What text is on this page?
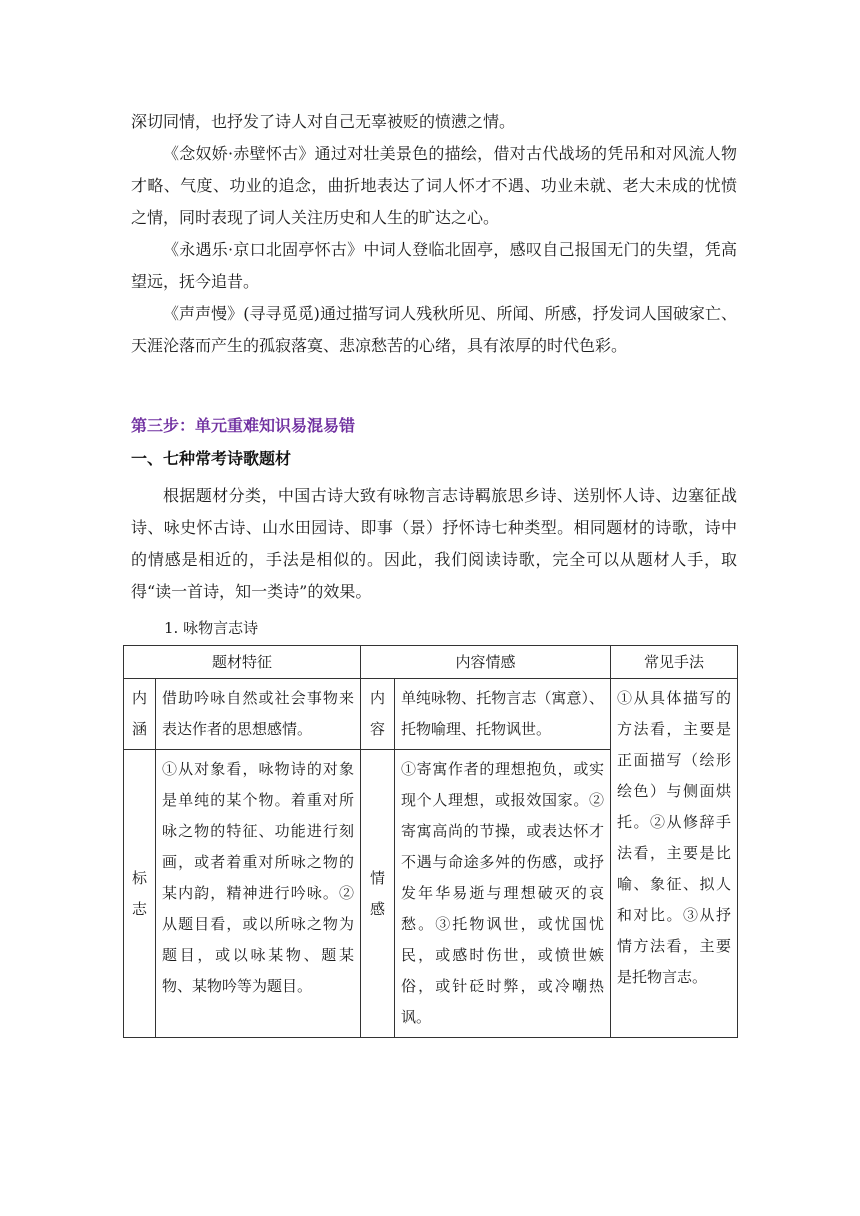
深切同情，也抒发了诗人对自己无辜被贬的愤懑之情。

《念奴娇·赤壁怀古》通过对壮美景色的描绘，借对古代战场的凭吊和对风流人物才略、气度、功业的追念，曲折地表达了词人怀才不遇、功业未就、老大未成的忧愤之情，同时表现了词人关注历史和人生的旷达之心。

《永遇乐·京口北固亭怀古》中词人登临北固亭，感叹自己报国无门的失望，凭高望远，抚今追昔。

《声声慢》(寻寻觅觅)通过描写词人残秋所见、所闻、所感，抒发词人国破家亡、天涯沦落而产生的孤寂落寞、悲凉愁苦的心绪，具有浓厚的时代色彩。

第三步：单元重难知识易混易错
一、七种常考诗歌题材

根据题材分类，中国古诗大致有咏物言志诗羁旅思乡诗、送别怀人诗、边塞征战诗、咏史怀古诗、山水田园诗、即事（景）抒怀诗七种类型。相同题材的诗歌，诗中的情感是相近的，手法是相似的。因此，我们阅读诗歌，完全可以从题材人手，取得“读一首诗，知一类诗”的效果。

1. 咏物言志诗

题材特征		内容情感		常见手法
内涵	借助吟咏自然或社会事物来表达作者的思想感情。	内容	单纯咏物、托物言志（寓意）、托物喻理、托物讽世。	①从具体描写的方法看，主要是正面描写（绘形绘色）与侧面烘托。②从修辞手法看，主要是比喻、象征、拟人和对比。③从抒情方法看，主要是托物言志。
标志	①从对象看，咏物诗的对象是单纯的某个物。着重对所咏之物的特征、功能进行刻画，或者着重对所咏之物的某内韵，精神进行吟咏。②从题目看，或以所咏之物为题目，或以咏某物、题某物、某物吟等为题目。	情感	①寄寓作者的理想抱负，或实现个人理想，或报效国家。②寄寓高尚的节操，或表达怀才不遇与命途多舛的伤感，或抒发年华易逝与理想破灭的哀愁。③托物讽世，或忧国忧民，或感时伤世，或愤世嫉俗，或针砭时弊，或冷嘲热讽。	
